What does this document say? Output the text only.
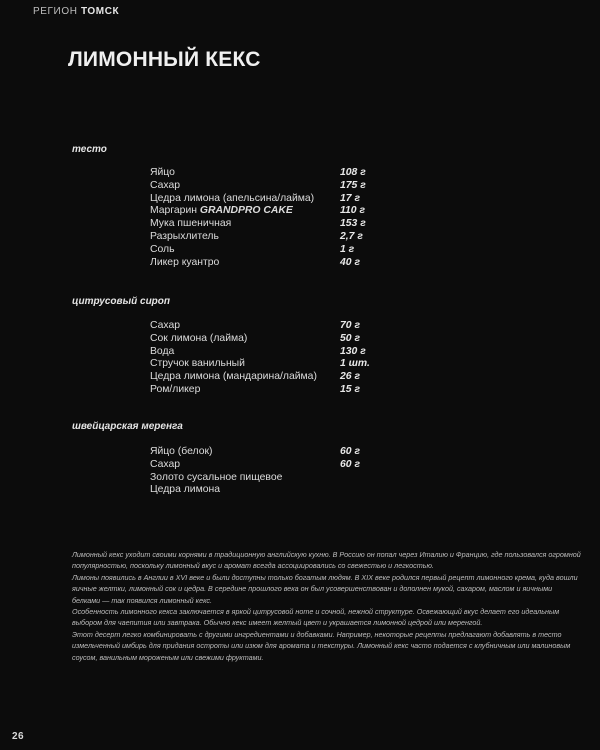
РЕГИОН ТОМСК
ЛИМОННЫЙ КЕКС
тесто
Яйцо	108 г
Сахар	175 г
Цедра лимона (апельсина/лайма)	17 г
Маргарин GRANDPRO CAKE	110 г
Мука пшеничная	153 г
Разрыхлитель	2,7 г
Соль	1 г
Ликер куантро	40 г
цитрусовый сироп
Сахар	70 г
Сок лимона (лайма)	50 г
Вода	130 г
Стручок ванильный	1 шт.
Цедра лимона (мандарина/лайма)	26 г
Ром/ликер	15 г
швейцарская меренга
Яйцо (белок)	60 г
Сахар	60 г
Золото сусальное пищевое
Цедра лимона

Лимонный кекс уходит своими корнями в традиционную английскую кухню. В Россию он попал через Италию и Францию, где пользовался огромной популярностью, поскольку лимонный вкус и аромат всегда ассоциировались со свежестью и легкостью.

Лимоны появились в Англии в XVI веке и были доступны только богатым людям. В XIX веке родился первый рецепт лимонного крема, куда вошли яичные желтки, лимонный сок и цедра. В середине прошлого века он был усовершенствован и дополнен мукой, сахаром, маслом и яичными белками — так появился лимонный кекс.

Особенность лимонного кекса заключается в яркой цитрусовой ноте и сочной, нежной структуре. Освежающий вкус делает его идеальным выбором для чаепития или завтрака. Обычно кекс имеет желтый цвет и украшается лимонной цедрой или меренгой.

Этот десерт легко комбинировать с другими ингредиентами и добавками. Например, некоторые рецепты предлагают добавлять в тесто измельченный имбирь для придания остроты или изюм для аромата и текстуры. Лимонный кекс часто подается с клубничным или малиновым соусом, ванильным мороженым или свежими фруктами.

26
